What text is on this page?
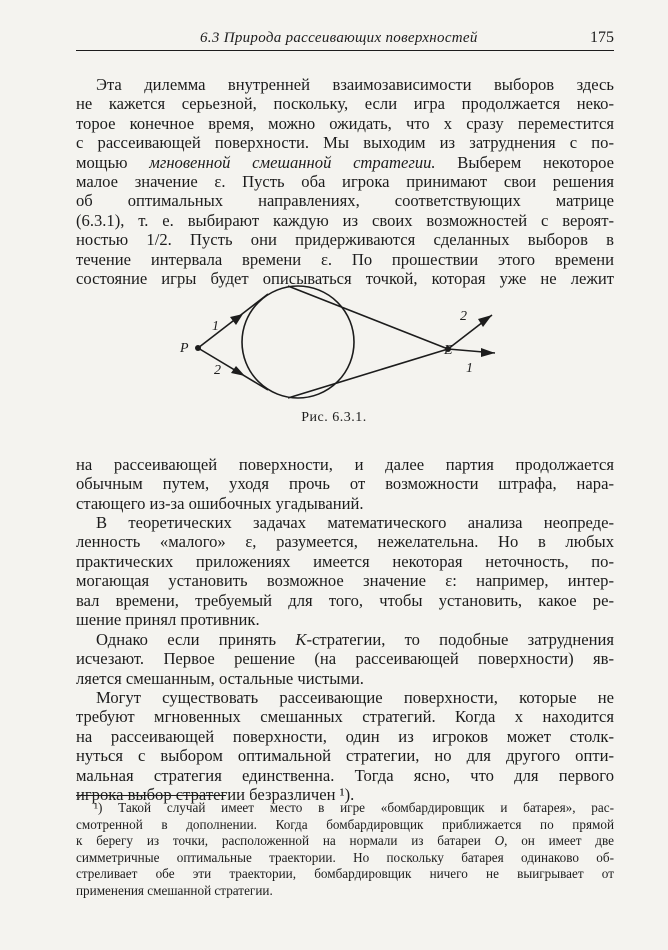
6.3 Природа рассеивающих поверхностей	175

Эта дилемма внутренней взаимозависимости выборов здесь
не кажется серьезной, поскольку, если игра продолжается неко-
торое конечное время, можно ожидать, что x сразу переместится
с рассеивающей поверхности. Мы выходим из затруднения с по-
мощью мгновенной смешанной стратегии. Выберем некоторое
малое значение ε. Пусть оба игрока принимают свои решения
об оптимальных направлениях, соответствующих матрице
(6.3.1), т. е. выбирают каждую из своих возможностей с вероят-
ностью 1/2. Пусть они придерживаются сделанных выборов в
течение интервала времени ε. По прошествии этого времени
состояние игры будет описываться точкой, которая уже не лежит

P	E
1
2
2
1
Рис. 6.3.1.

на рассеивающей поверхности, и далее партия продолжается
обычным путем, уходя прочь от возможности штрафа, нара-
стающего из-за ошибочных угадываний.

В теоретических задачах математического анализа неопреде-
ленность «малого» ε, разумеется, нежелательна. Но в любых
практических приложениях имеется некоторая неточность, по-
могающая установить возможное значение ε: например, интер-
вал времени, требуемый для того, чтобы установить, какое ре-
шение принял противник.

Однако если принять K-стратегии, то подобные затруднения
исчезают. Первое решение (на рассеивающей поверхности) яв-
ляется смешанным, остальные чистыми.

Могут существовать рассеивающие поверхности, которые не
требуют мгновенных смешанных стратегий. Когда x находится
на рассеивающей поверхности, один из игроков может столк-
нуться с выбором оптимальной стратегии, но для другого опти-
мальная стратегия единственна. Тогда ясно, что для первого
игрока выбор стратегии безразличен ¹).

¹) Такой случай имеет место в игре «бомбардировщик и батарея», рас-
смотренной в дополнении. Когда бомбардировщик приближается по прямой
к берегу из точки, расположенной на нормали из батареи O, он имеет две
симметричные оптимальные траектории. Но поскольку батарея одинаково об-
стреливает обе эти траектории, бомбардировщик ничего не выигрывает от
применения смешанной стратегии.
